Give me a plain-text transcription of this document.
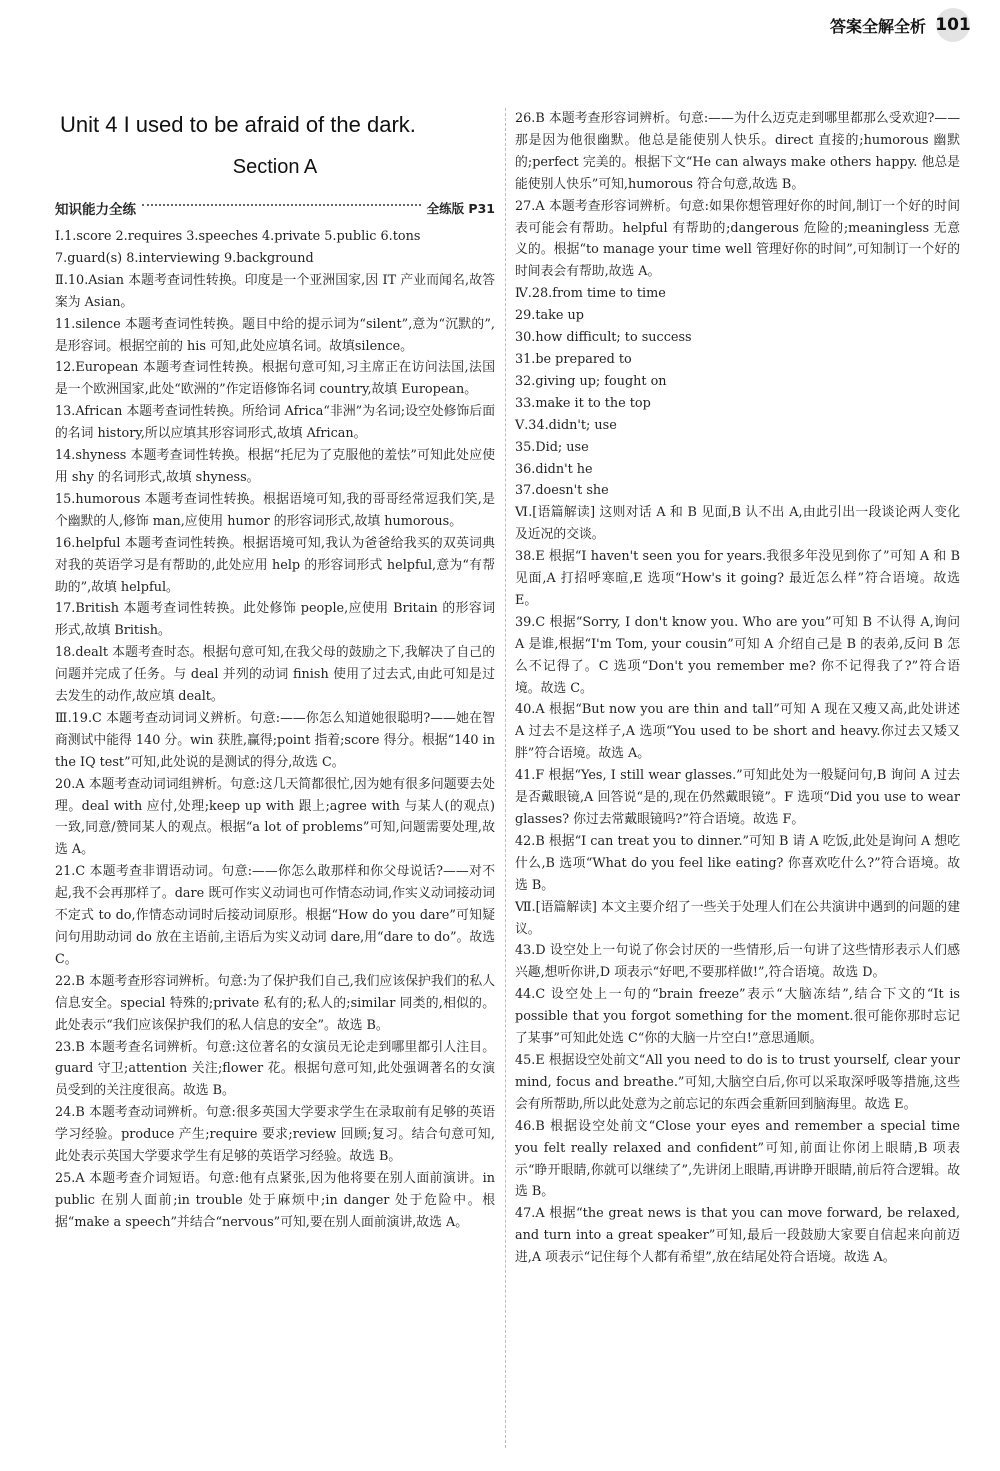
答案全解全析 101
Unit 4 I used to be afraid of the dark.
Section A
知识能力全练	全练版 P31

Ⅰ.1.score 2.requires 3.speeches 4.private 5.public 6.tons

7.guard(s) 8.interviewing 9.background

Ⅱ.10.Asian 本题考查词性转换。印度是一个亚洲国家,因 IT 产业而闻名,故答案为 Asian。

11.silence 本题考查词性转换。题目中给的提示词为“silent”,意为“沉默的”,是形容词。根据空前的 his 可知,此处应填名词。故填silence。

12.European 本题考查词性转换。根据句意可知,习主席正在访问法国,法国是一个欧洲国家,此处“欧洲的”作定语修饰名词 country,故填 European。

13.African 本题考查词性转换。所给词 Africa“非洲”为名词;设空处修饰后面的名词 history,所以应填其形容词形式,故填 African。

14.shyness 本题考查词性转换。根据“托尼为了克服他的羞怯”可知此处应使用 shy 的名词形式,故填 shyness。

15.humorous 本题考查词性转换。根据语境可知,我的哥哥经常逗我们笑,是个幽默的人,修饰 man,应使用 humor 的形容词形式,故填 humorous。

16.helpful 本题考查词性转换。根据语境可知,我认为爸爸给我买的双英词典对我的英语学习是有帮助的,此处应用 help 的形容词形式 helpful,意为“有帮助的”,故填 helpful。

17.British 本题考查词性转换。此处修饰 people,应使用 Britain 的形容词形式,故填 British。

18.dealt 本题考查时态。根据句意可知,在我父母的鼓励之下,我解决了自己的问题并完成了任务。与 deal 并列的动词 finish 使用了过去式,由此可知是过去发生的动作,故应填 dealt。

Ⅲ.19.C 本题考查动词词义辨析。句意:——你怎么知道她很聪明?——她在智商测试中能得 140 分。win 获胜,赢得;point 指着;score 得分。根据“140 in the IQ test”可知,此处说的是测试的得分,故选 C。

20.A 本题考查动词词组辨析。句意:这几天简都很忙,因为她有很多问题要去处理。deal with 应付,处理;keep up with 跟上;agree with 与某人(的观点)一致,同意/赞同某人的观点。根据“a lot of problems”可知,问题需要处理,故选 A。

21.C 本题考查非谓语动词。句意:——你怎么敢那样和你父母说话?——对不起,我不会再那样了。dare 既可作实义动词也可作情态动词,作实义动词接动词不定式 to do,作情态动词时后接动词原形。根据“How do you dare”可知疑问句用助动词 do 放在主语前,主语后为实义动词 dare,用“dare to do”。故选 C。

22.B 本题考查形容词辨析。句意:为了保护我们自己,我们应该保护我们的私人信息安全。special 特殊的;private 私有的;私人的;similar 同类的,相似的。此处表示“我们应该保护我们的私人信息的安全”。故选 B。

23.B 本题考查名词辨析。句意:这位著名的女演员无论走到哪里都引人注目。guard 守卫;attention 关注;flower 花。根据句意可知,此处强调著名的女演员受到的关注度很高。故选 B。

24.B 本题考查动词辨析。句意:很多英国大学要求学生在录取前有足够的英语学习经验。produce 产生;require 要求;review 回顾;复习。结合句意可知,此处表示英国大学要求学生有足够的英语学习经验。故选 B。

25.A 本题考查介词短语。句意:他有点紧张,因为他将要在别人面前演讲。in public 在别人面前;in trouble 处于麻烦中;in danger 处于危险中。根据“make a speech”并结合“nervous”可知,要在别人面前演讲,故选 A。

26.B 本题考查形容词辨析。句意:——为什么迈克走到哪里都那么受欢迎?——那是因为他很幽默。他总是能使别人快乐。direct 直接的;humorous 幽默的;perfect 完美的。根据下文“He can always make others happy. 他总是能使别人快乐”可知,humorous 符合句意,故选 B。

27.A 本题考查形容词辨析。句意:如果你想管理好你的时间,制订一个好的时间表可能会有帮助。helpful 有帮助的;dangerous 危险的;meaningless 无意义的。根据“to manage your time well 管理好你的时间”,可知制订一个好的时间表会有帮助,故选 A。

Ⅳ.28.from time to time

29.take up

30.how difficult; to success

31.be prepared to

32.giving up; fought on

33.make it to the top

Ⅴ.34.didn't; use

35.Did; use

36.didn't he

37.doesn't she

Ⅵ.[语篇解读] 这则对话 A 和 B 见面,B 认不出 A,由此引出一段谈论两人变化及近况的交谈。

38.E 根据“I haven't seen you for years.我很多年没见到你了”可知 A 和 B 见面,A 打招呼寒暄,E 选项“How's it going? 最近怎么样”符合语境。故选 E。

39.C 根据“Sorry, I don't know you. Who are you”可知 B 不认得 A,询问 A 是谁,根据“I'm Tom, your cousin”可知 A 介绍自己是 B 的表弟,反问 B 怎么不记得了。C 选项“Don't you remember me? 你不记得我了?”符合语境。故选 C。

40.A 根据“But now you are thin and tall”可知 A 现在又瘦又高,此处讲述 A 过去不是这样子,A 选项“You used to be short and heavy.你过去又矮又胖”符合语境。故选 A。

41.F 根据“Yes, I still wear glasses.”可知此处为一般疑问句,B 询问 A 过去是否戴眼镜,A 回答说“是的,现在仍然戴眼镜”。F 选项“Did you use to wear glasses? 你过去常戴眼镜吗?”符合语境。故选 F。

42.B 根据“I can treat you to dinner.”可知 B 请 A 吃饭,此处是询问 A 想吃什么,B 选项“What do you feel like eating? 你喜欢吃什么?”符合语境。故选 B。

Ⅶ.[语篇解读] 本文主要介绍了一些关于处理人们在公共演讲中遇到的问题的建议。

43.D 设空处上一句说了你会讨厌的一些情形,后一句讲了这些情形表示人们感兴趣,想听你讲,D 项表示“好吧,不要那样做!”,符合语境。故选 D。

44.C 设空处上一句的“brain freeze”表示“大脑冻结”,结合下文的“It is possible that you forgot something for the moment.很可能你那时忘记了某事”可知此处选 C“你的大脑一片空白!”意思通顺。

45.E 根据设空处前文“All you need to do is to trust yourself, clear your mind, focus and breathe.”可知,大脑空白后,你可以采取深呼吸等措施,这些会有所帮助,所以此处意为之前忘记的东西会重新回到脑海里。故选 E。

46.B 根据设空处前文“Close your eyes and remember a special time you felt really relaxed and confident”可知,前面让你闭上眼睛,B 项表示“睁开眼睛,你就可以继续了”,先讲闭上眼睛,再讲睁开眼睛,前后符合逻辑。故选 B。

47.A 根据“the great news is that you can move forward, be relaxed, and turn into a great speaker”可知,最后一段鼓励大家要自信起来向前迈进,A 项表示“记住每个人都有希望”,放在结尾处符合语境。故选 A。
